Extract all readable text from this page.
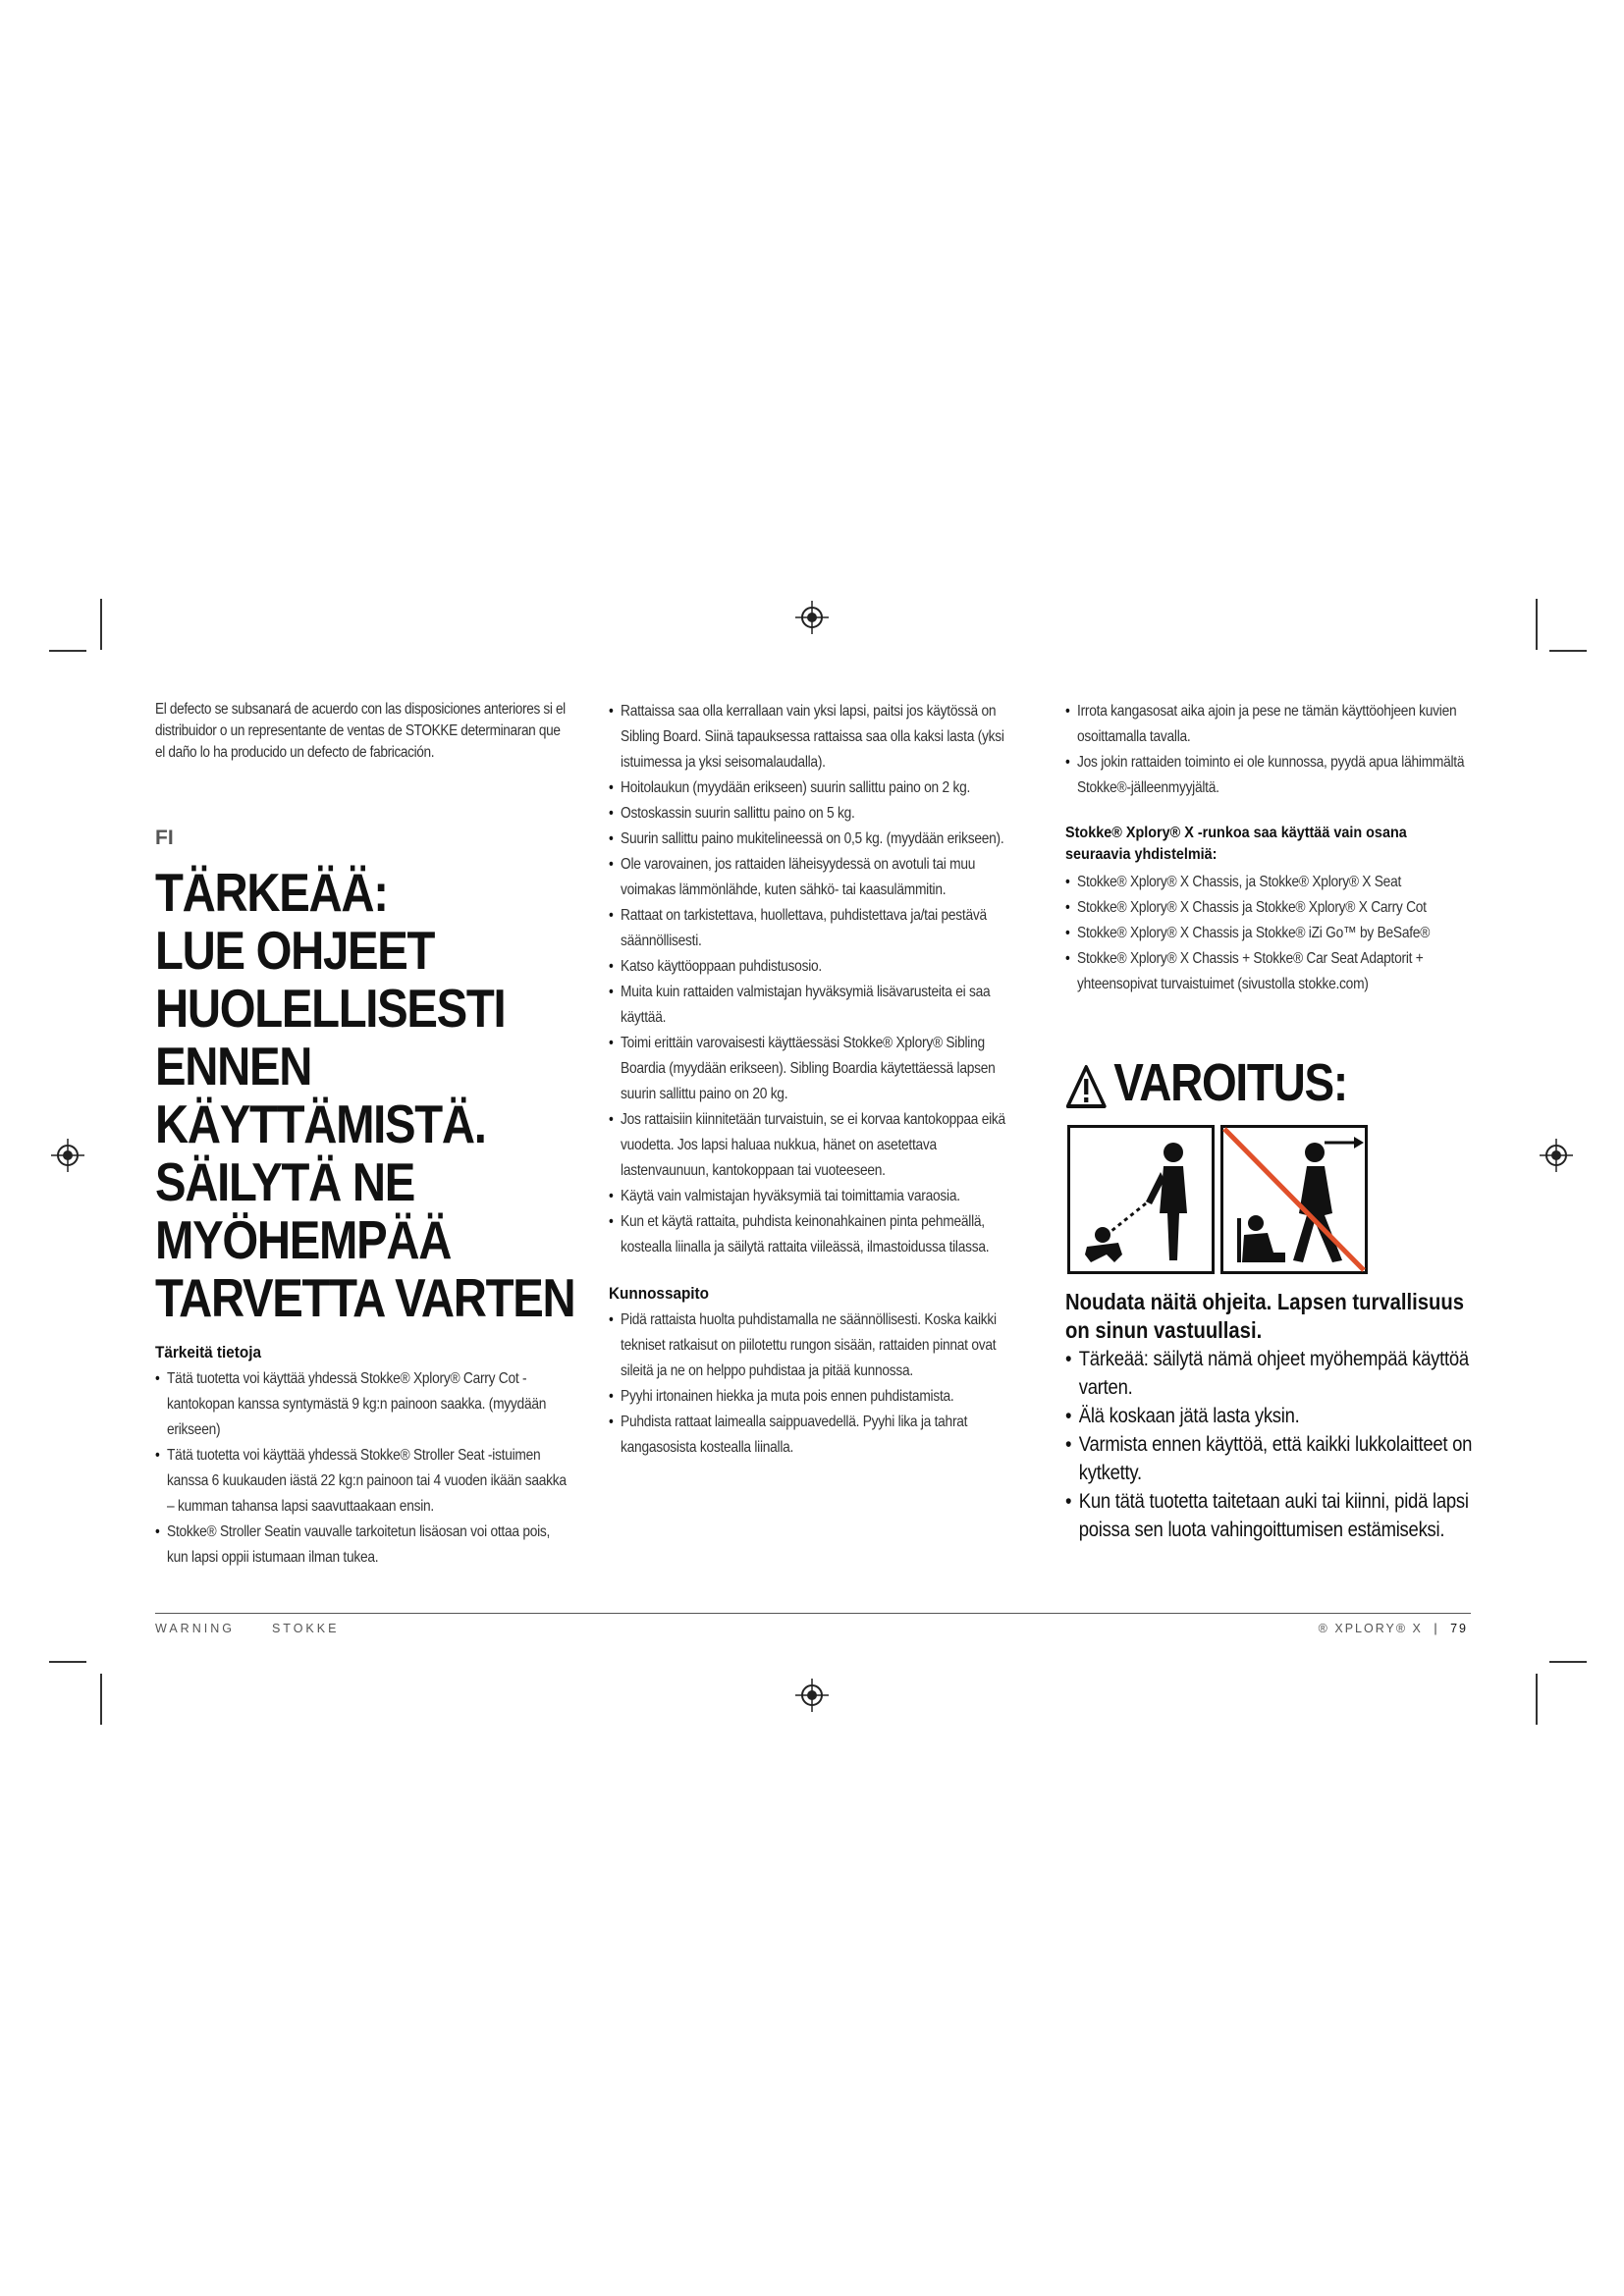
El defecto se subsanará de acuerdo con las disposiciones anteriores si el distribuidor o un representante de ventas de STOKKE determinaran que el daño lo ha producido un defecto de fabricación.
FI
TÄRKEÄÄ:
LUE OHJEET
HUOLELLISESTI
ENNEN
KÄYTTÄMISTÄ.
SÄILYTÄ NE
MYÖHEMPÄÄ
TARVETTA VARTEN
Tärkeitä tietoja
• Tätä tuotetta voi käyttää yhdessä Stokke® Xplory® Carry Cot -kantokopan kanssa syntymästä 9 kg:n painoon saakka. (myydään erikseen)
• Tätä tuotetta voi käyttää yhdessä Stokke® Stroller Seat -istuimen kanssa 6 kuukauden iästä 22 kg:n painoon tai 4 vuoden ikään saakka – kumman tahansa lapsi saavuttaakaan ensin.
• Stokke® Stroller Seatin vauvalle tarkoitetun lisäosan voi ottaa pois, kun lapsi oppii istumaan ilman tukea.
• Rattaissa saa olla kerrallaan vain yksi lapsi, paitsi jos käytössä on Sibling Board. Siinä tapauksessa rattaissa saa olla kaksi lasta (yksi istuimessa ja yksi seisomalaudalla).
• Hoitolaukun (myydään erikseen) suurin sallittu paino on 2 kg.
• Ostoskassin suurin sallittu paino on 5 kg.
• Suurin sallittu paino mukitelineessä on 0,5 kg. (myydään erikseen).
• Ole varovainen, jos rattaiden läheisyydessä on avotuli tai muu voimakas lämmönlähde, kuten sähkö- tai kaasulämmitin.
• Rattaat on tarkistettava, huollettava, puhdistettava ja/tai pestävä säännöllisesti.
• Katso käyttöoppaan puhdistusosio.
• Muita kuin rattaiden valmistajan hyväksymiä lisävarusteita ei saa käyttää.
• Toimi erittäin varovaisesti käyttäessäsi Stokke® Xplory® Sibling Boardia (myydään erikseen). Sibling Boardia käytettäessä lapsen suurin sallittu paino on 20 kg.
• Jos rattaisiin kiinnitetään turvaistuin, se ei korvaa kantokoppaa eikä vuodetta. Jos lapsi haluaa nukkua, hänet on asetettava lastenvaunuun, kantokoppaan tai vuoteeseen.
• Käytä vain valmistajan hyväksymiä tai toimittamia varaosia.
• Kun et käytä rattaita, puhdista keinonahkainen pinta pehmeällä, kostealla liinalla ja säilytä rattaita viileässä, ilmastoidussa tilassa.
Kunnossapito
• Pidä rattaista huolta puhdistamalla ne säännöllisesti. Koska kaikki tekniset ratkaisut on piilotettu rungon sisään, rattaiden pinnat ovat sileitä ja ne on helppo puhdistaa ja pitää kunnossa.
• Pyyhi irtonainen hiekka ja muta pois ennen puhdistamista.
• Puhdista rattaat laimealla saippuavedellä. Pyyhi lika ja tahrat kangasosista kostealla liinalla.
• Irrota kangasosat aika ajoin ja pese ne tämän käyttöohjeen kuvien osoittamalla tavalla.
• Jos jokin rattaiden toiminto ei ole kunnossa, pyydä apua lähimmältä Stokke®-jälleenmyyjältä.
Stokke® Xplory® X -runkoa saa käyttää vain osana seuraavia yhdistelmiä:
• Stokke® Xplory® X Chassis, ja Stokke® Xplory® X Seat
• Stokke® Xplory® X Chassis ja Stokke® Xplory® X Carry Cot
• Stokke® Xplory® X Chassis ja Stokke® iZi Go™ by BeSafe®
• Stokke® Xplory® X Chassis + Stokke® Car Seat Adaptorit + yhteensopivat turvaistuimet (sivustolla stokke.com)
VAROITUS:
Noudata näitä ohjeita. Lapsen turvallisuus on sinun vastuullasi.
• Tärkeää: säilytä nämä ohjeet myöhempää käyttöä varten.
• Älä koskaan jätä lasta yksin.
• Varmista ennen käyttöä, että kaikki lukkolaitteet on kytketty.
• Kun tätä tuotetta taitetaan auki tai kiinni, pidä lapsi poissa sen luota vahingoittumisen estämiseksi.
WARNING	STOKKE	® XPLORY® X | 79
